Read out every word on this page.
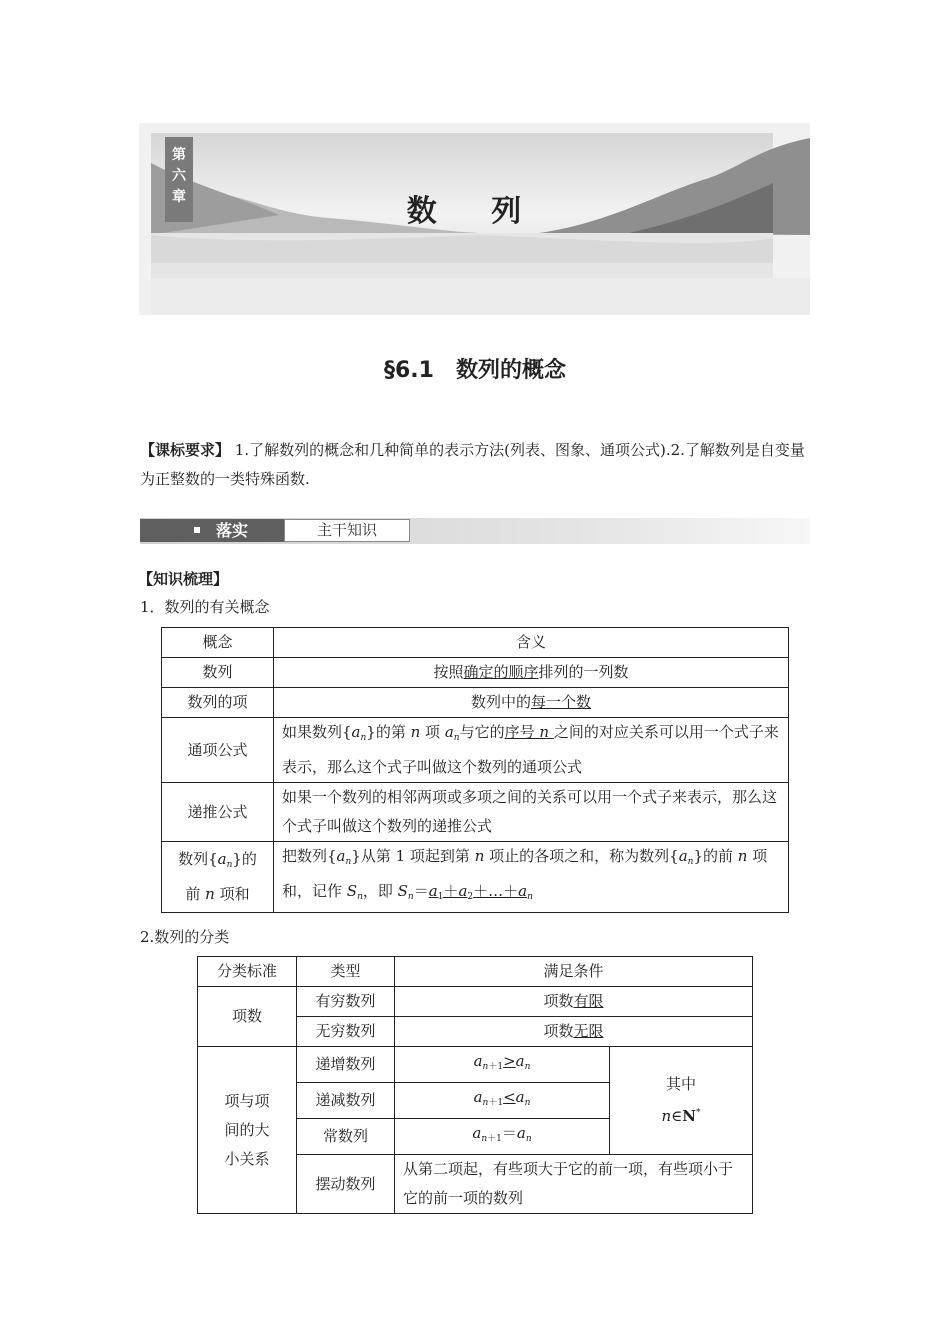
第
六
章	数 列
§6.1　数列的概念
【课标要求】 1.了解数列的概念和几种简单的表示方法(列表、图象、通项公式).2.了解数列是自变量为正整数的一类特殊函数.
落实	主干知识
【知识梳理】
1．数列的有关概念
概念	含义
数列	按照确定的顺序排列的一列数
数列的项	数列中的每一个数
通项公式	如果数列$\{a_n\}$的第 n 项 $a_n$与它的序号 n 之间的对应关系可以用一个式子来表示，那么这个式子叫做这个数列的通项公式
递推公式	如果一个数列的相邻两项或多项之间的关系可以用一个式子来表示，那么这个式子叫做这个数列的递推公式
数列$\{a_n\}$的
前 n 项和	把数列$\{a_n\}$从第 1 项起到第 n 项止的各项之和，称为数列$\{a_n\}$的前 n 项和，记作 $S_n$，即 $S_n=a_1+a_2+\dots+a_n$
2.数列的分类
分类标准	类型	满足条件	
项数	有穷数列	项数有限	
	无穷数列	项数无限	
项与项间的大小关系	递增数列	$a_{n+1}>a_n$	其中
n∈N*
	递减数列	$a_{n+1}<a_n$
	常数列	$a_{n+1}=a_n$
	摆动数列	从第二项起，有些项大于它的前一项，有些项小于它的前一项的数列	
